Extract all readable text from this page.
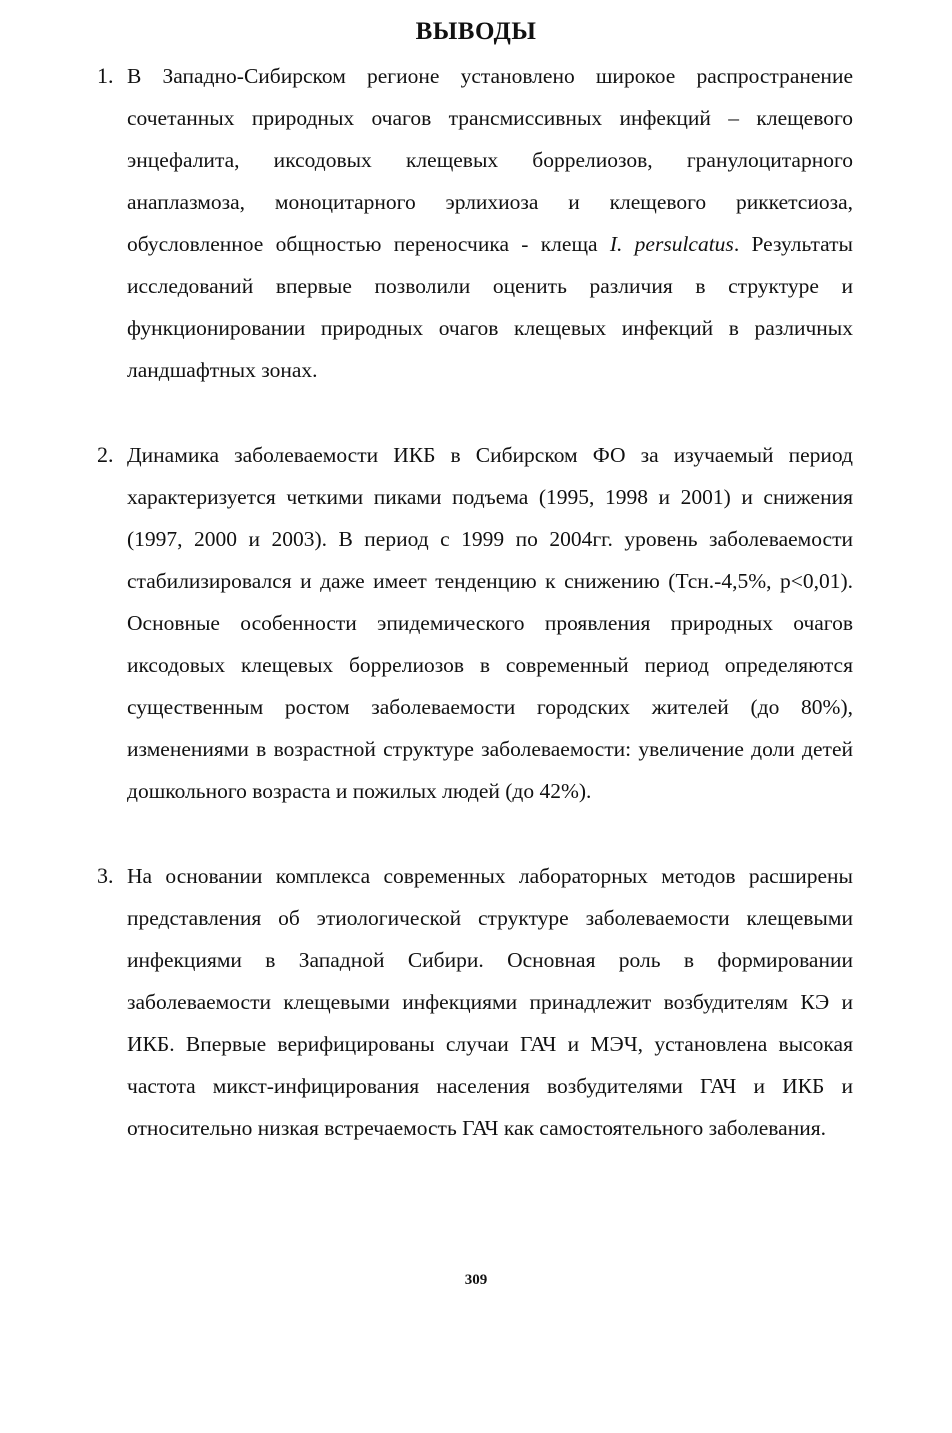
ВЫВОДЫ
1. В Западно-Сибирском регионе установлено широкое распространение сочетанных природных очагов трансмиссивных инфекций – клещевого энцефалита, иксодовых клещевых боррелиозов, гранулоцитарного анаплазмоза, моноцитарного эрлихиоза и клещевого риккетсиоза, обусловленное общностью переносчика - клеща I. persulcatus. Результаты исследований впервые позволили оценить различия в структуре и функционировании природных очагов клещевых инфекций в различных ландшафтных зонах.

2. Динамика заболеваемости ИКБ в Сибирском ФО за изучаемый период характеризуется четкими пиками подъема (1995, 1998 и 2001) и снижения (1997, 2000 и 2003). В период с 1999 по 2004гг. уровень заболеваемости стабилизировался и даже имеет тенденцию к снижению (Тсн.-4,5%, p<0,01). Основные особенности эпидемического проявления природных очагов иксодовых клещевых боррелиозов в современный период определяются существенным ростом заболеваемости городских жителей (до 80%), изменениями в возрастной структуре заболеваемости: увеличение доли детей дошкольного возраста и пожилых людей (до 42%).

3. На основании комплекса современных лабораторных методов расширены представления об этиологической структуре заболеваемости клещевыми инфекциями в Западной Сибири. Основная роль в формировании заболеваемости клещевыми инфекциями принадлежит возбудителям КЭ и ИКБ. Впервые верифицированы случаи ГАЧ и МЭЧ, установлена высокая частота микст-инфицирования населения возбудителями ГАЧ и ИКБ и относительно низкая встречаемость ГАЧ как самостоятельного заболевания.

309
